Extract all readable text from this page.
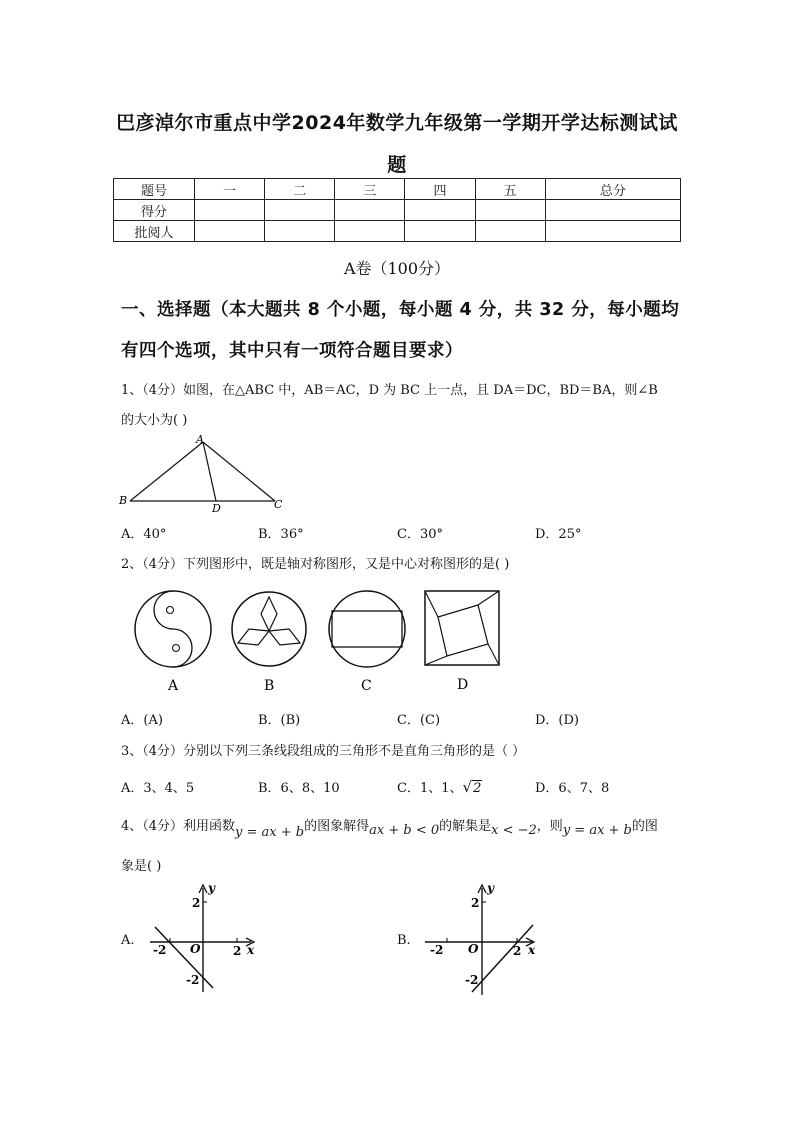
巴彦淖尔市重点中学2024年数学九年级第一学期开学达标测试试
题
题号	一	二	三	四	五	总分
得分						
批阅人						
A卷（100分）
一、选择题（本大题共 8 个小题，每小题 4 分，共 32 分，每小题均
有四个选项，其中只有一项符合题目要求）
1、（4分）如图，在△ABC 中，AB＝AC，D 为 BC 上一点，且 DA＝DC，BD＝BA，则∠B
的大小为( )
A
B	C
D
A．40°	B．36°	C．30°	D．25°
2、（4分）下列图形中，既是轴对称图形，又是中心对称图形的是( )
A	B	C	D
A．(A)	B．(B)	C．(C)	D．(D)
3、（4分）分别以下列三条线段组成的三角形不是直角三角形的是（ ）
A．3、4、5	B．6、8、10	C．1、1、√2	D．6、7、8
4、（4分）利用函数y = ax + b的图象解得ax + b < 0的解集是x < −2，则y = ax + b的图
象是( )
A.	B.
y
x
O
2
2
-2
-2
y
x
O
2
2
-2
-2
